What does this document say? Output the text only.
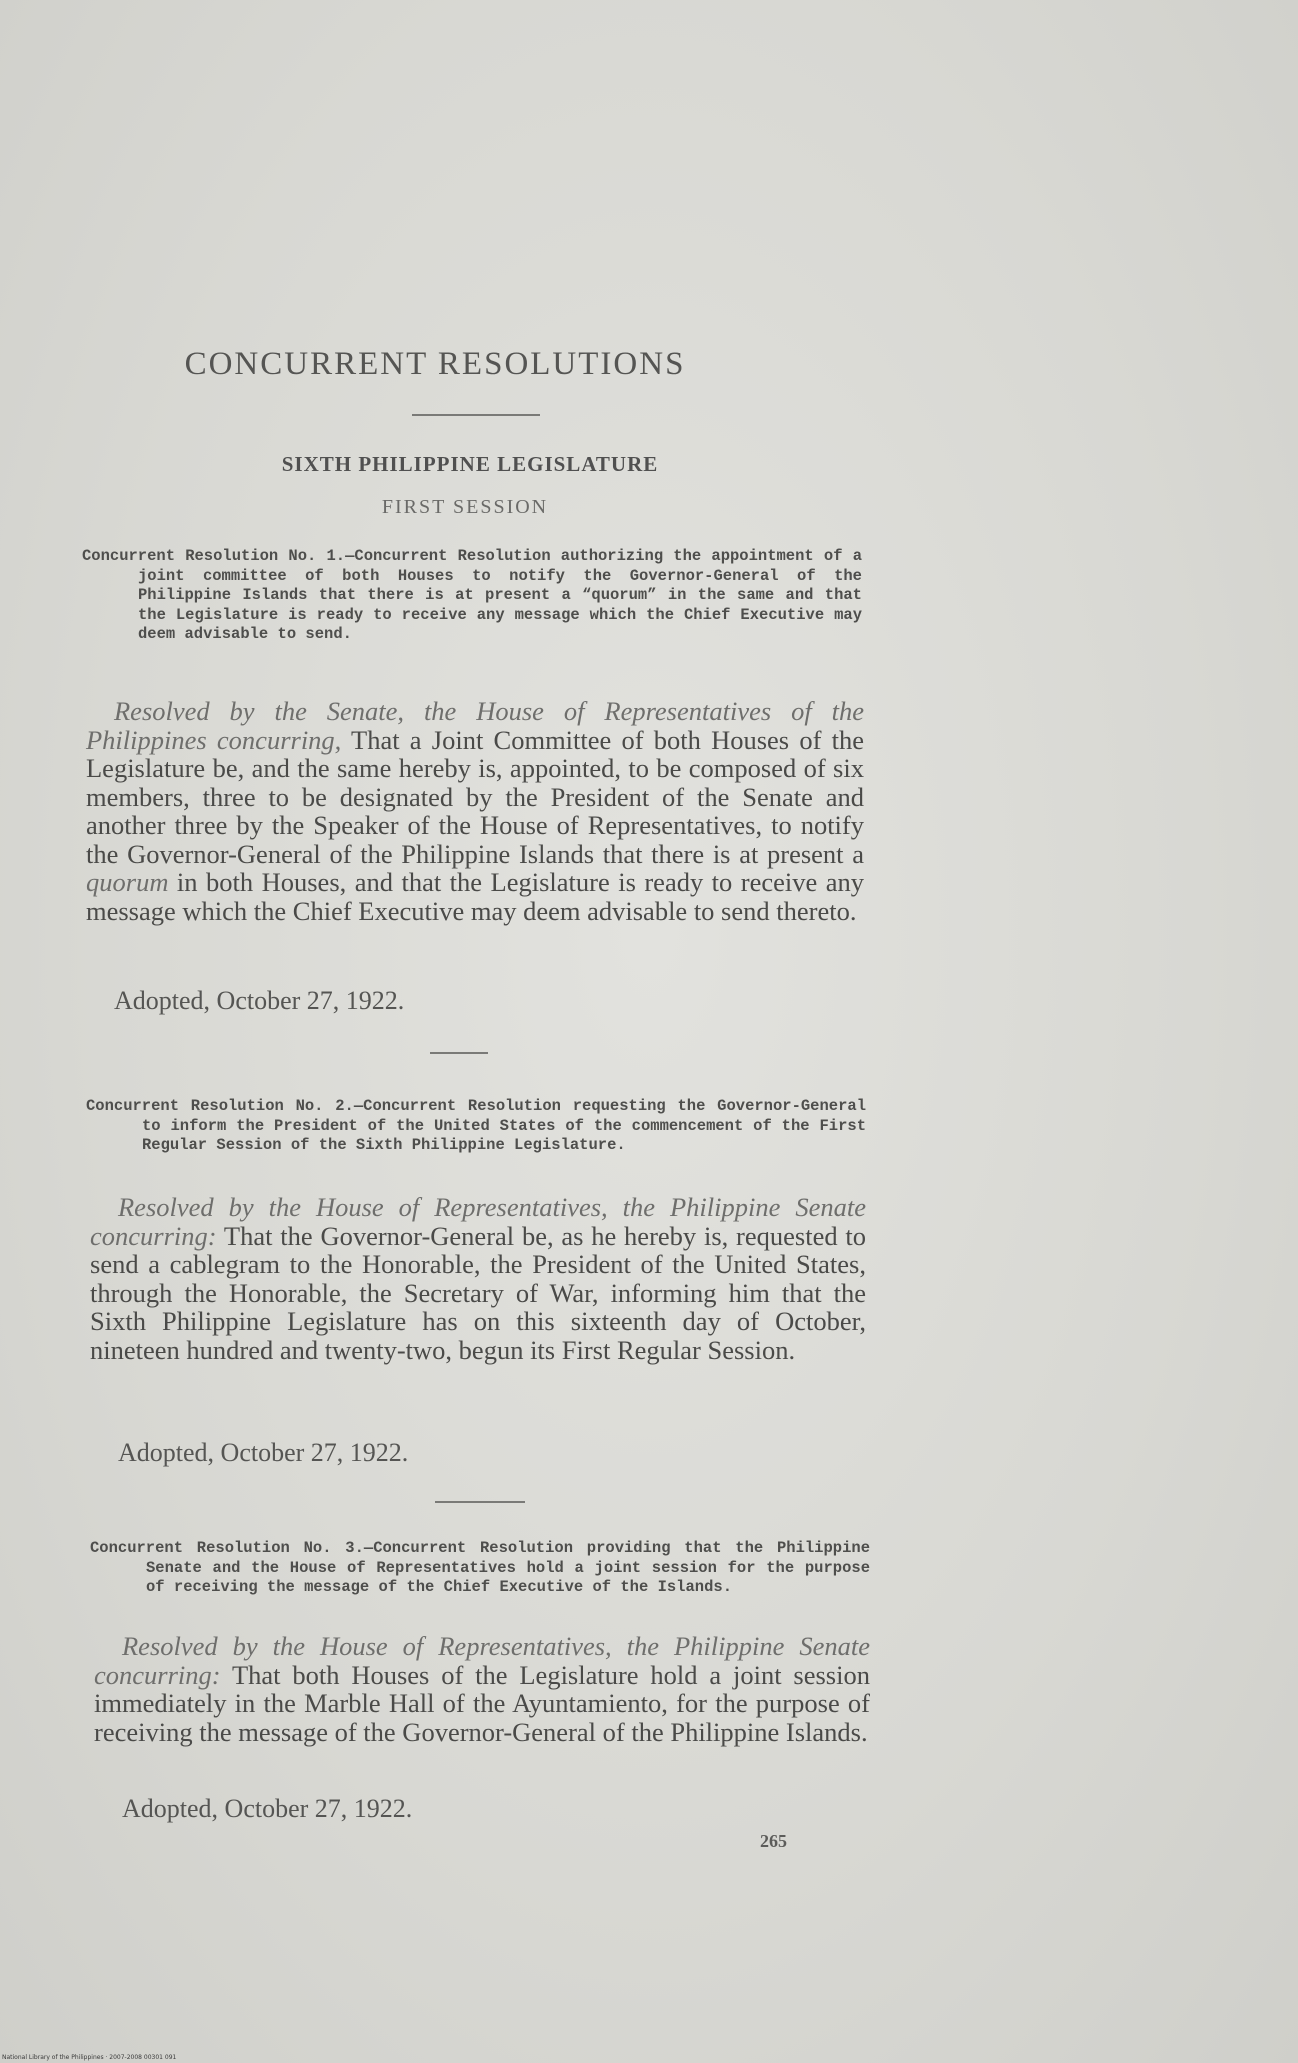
CONCURRENT RESOLUTIONS
SIXTH PHILIPPINE LEGISLATURE
FIRST SESSION
Concurrent Resolution No. 1.—Concurrent Resolution authorizing the appointment of a joint committee of both Houses to notify the Governor-General of the Philippine Islands that there is at present a “quorum” in the same and that the Legislature is ready to receive any message which the Chief Executive may deem advisable to send.
Resolved by the Senate, the House of Representatives of the Philippines concurring, That a Joint Committee of both Houses of the Legislature be, and the same hereby is, appointed, to be composed of six members, three to be designated by the President of the Senate and another three by the Speaker of the House of Representatives, to notify the Governor-General of the Philippine Islands that there is at present a quorum in both Houses, and that the Legislature is ready to receive any message which the Chief Executive may deem advisable to send thereto.
Adopted, October 27, 1922.
Concurrent Resolution No. 2.—Concurrent Resolution requesting the Governor-General to inform the President of the United States of the commencement of the First Regular Session of the Sixth Philippine Legislature.
Resolved by the House of Representatives, the Philippine Senate concurring: That the Governor-General be, as he hereby is, requested to send a cablegram to the Honorable, the President of the United States, through the Honorable, the Secretary of War, informing him that the Sixth Philippine Legislature has on this sixteenth day of October, nineteen hundred and twenty-two, begun its First Regular Session.
Adopted, October 27, 1922.
Concurrent Resolution No. 3.—Concurrent Resolution providing that the Philippine Senate and the House of Representatives hold a joint session for the purpose of receiving the message of the Chief Executive of the Islands.
Resolved by the House of Representatives, the Philippine Senate concurring: That both Houses of the Legislature hold a joint session immediately in the Marble Hall of the Ayuntamiento, for the purpose of receiving the message of the Governor-General of the Philippine Islands.
Adopted, October 27, 1922.
265
National Library of the Philippines · 2007-2008 00301 091
